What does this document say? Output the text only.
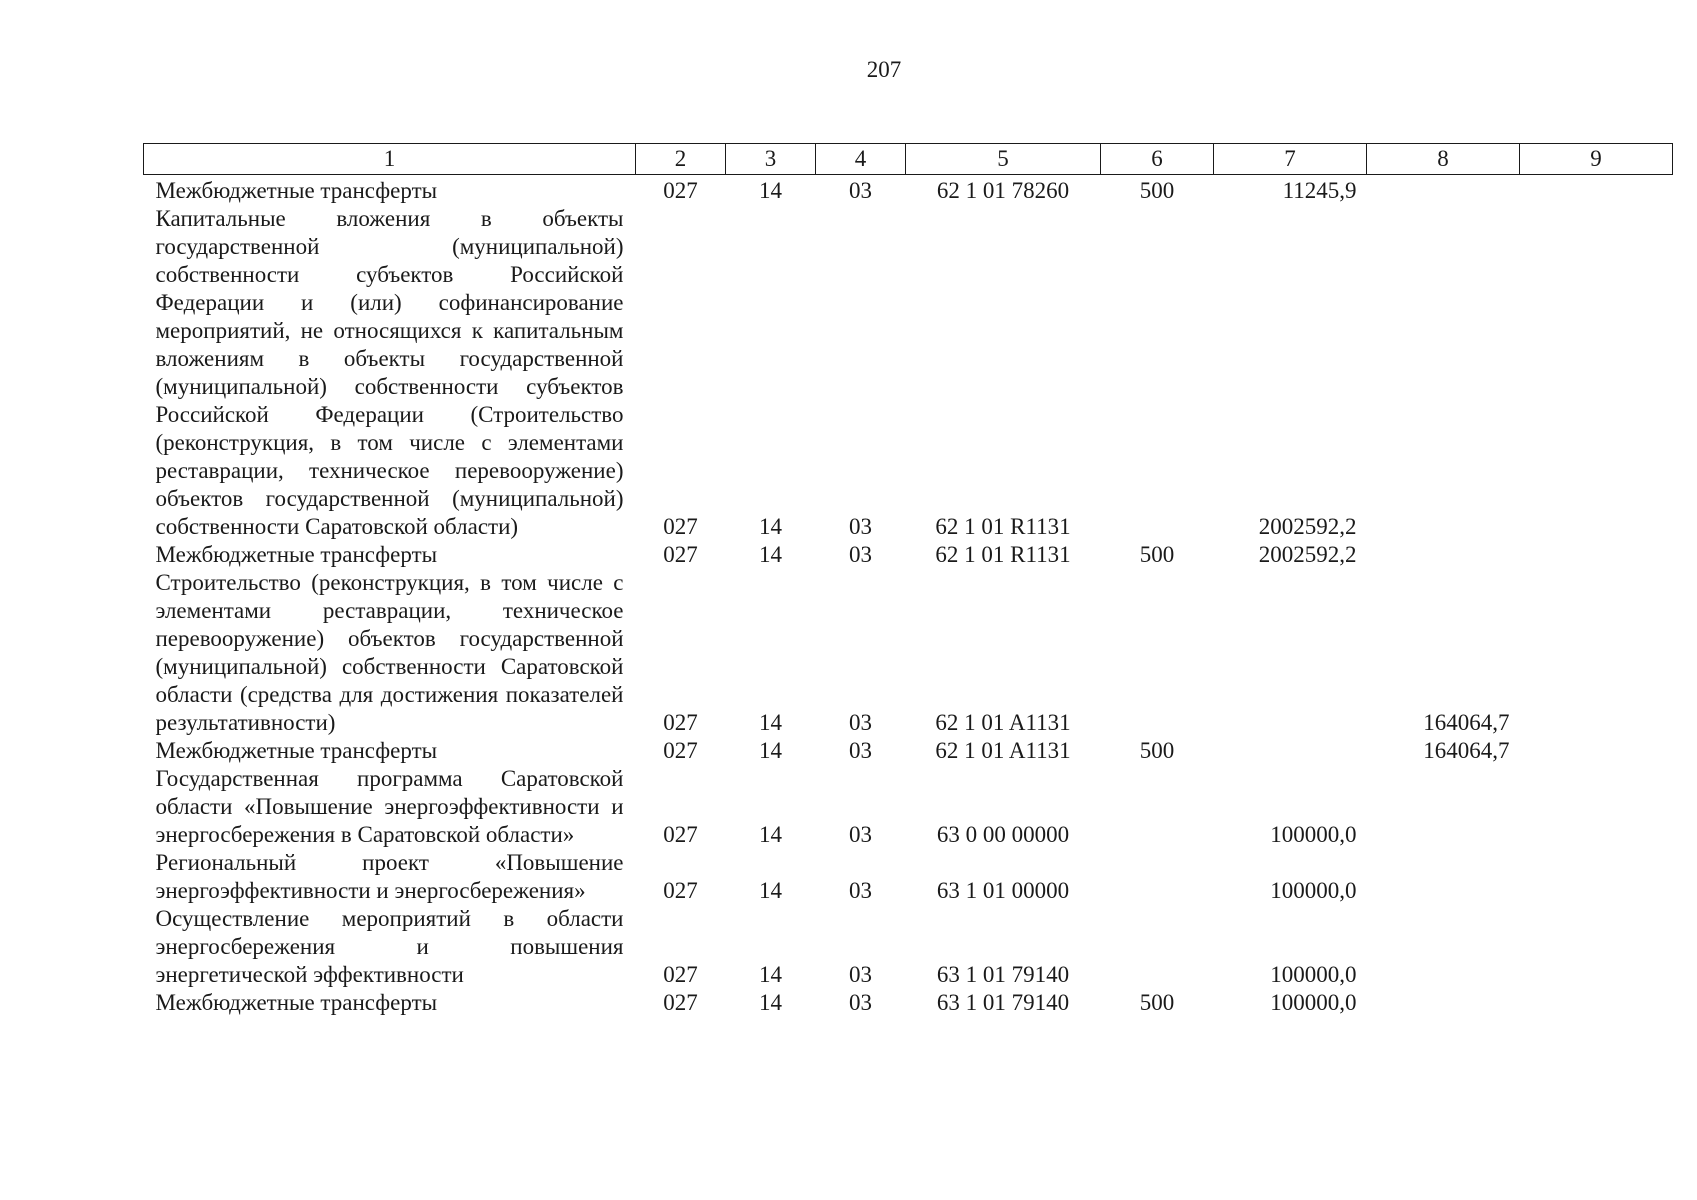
207
1	2	3	4	5	6	7	8	9
Межбюджетные трансферты	027	14	03	62 1 01 78260	500	11245,9		
Капитальные вложения в объекты государственной (муниципальной) собственности субъектов Российской Федерации и (или) софинансирование мероприятий, не относящихся к капитальным вложениям в объекты государственной (муниципальной) собственности субъектов Российской Федерации (Строительство (реконструкция, в том числе с элементами реставрации, техническое перевооружение) объектов государственной (муниципальной) собственности Саратовской области)	027	14	03	62 1 01 R1131		2002592,2		
Межбюджетные трансферты	027	14	03	62 1 01 R1131	500	2002592,2		
Строительство (реконструкция, в том числе с элементами реставрации, техническое перевооружение) объектов государственной (муниципальной) собственности Саратовской области (средства для достижения показателей результативности)	027	14	03	62 1 01 A1131			164064,7	
Межбюджетные трансферты	027	14	03	62 1 01 A1131	500		164064,7	
Государственная программа Саратовской области «Повышение энергоэффективности и энергосбережения в Саратовской области»	027	14	03	63 0 00 00000		100000,0		
Региональный проект «Повышение энергоэффективности и энергосбережения»	027	14	03	63 1 01 00000		100000,0		
Осуществление мероприятий в области энергосбережения и повышения энергетической эффективности	027	14	03	63 1 01 79140		100000,0		
Межбюджетные трансферты	027	14	03	63 1 01 79140	500	100000,0		
